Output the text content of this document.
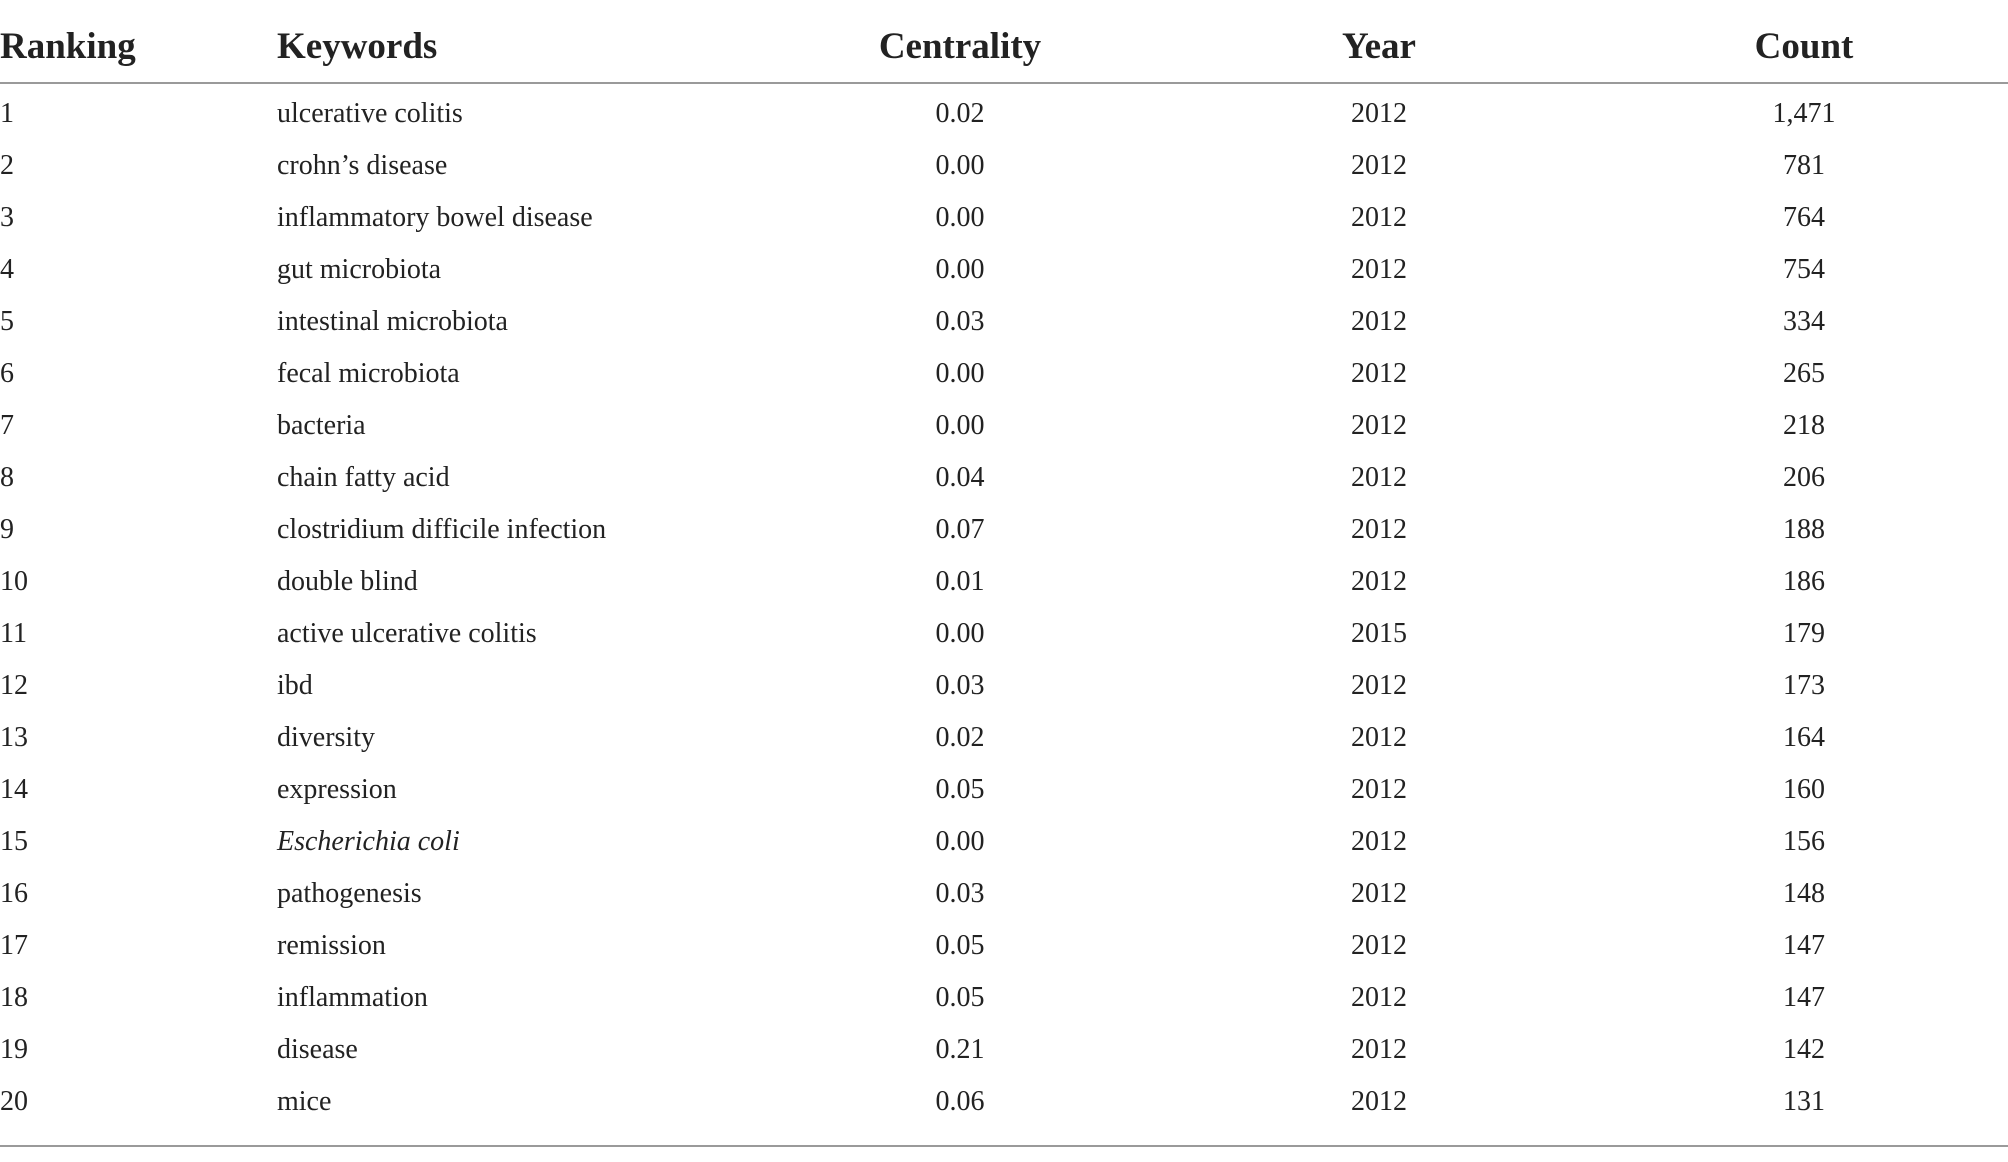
Ranking	Keywords	Centrality	Year	Count
1	ulcerative colitis	0.02	2012	1,471
2	crohn’s disease	0.00	2012	781
3	inflammatory bowel disease	0.00	2012	764
4	gut microbiota	0.00	2012	754
5	intestinal microbiota	0.03	2012	334
6	fecal microbiota	0.00	2012	265
7	bacteria	0.00	2012	218
8	chain fatty acid	0.04	2012	206
9	clostridium difficile infection	0.07	2012	188
10	double blind	0.01	2012	186
11	active ulcerative colitis	0.00	2015	179
12	ibd	0.03	2012	173
13	diversity	0.02	2012	164
14	expression	0.05	2012	160
15	Escherichia coli	0.00	2012	156
16	pathogenesis	0.03	2012	148
17	remission	0.05	2012	147
18	inflammation	0.05	2012	147
19	disease	0.21	2012	142
20	mice	0.06	2012	131
